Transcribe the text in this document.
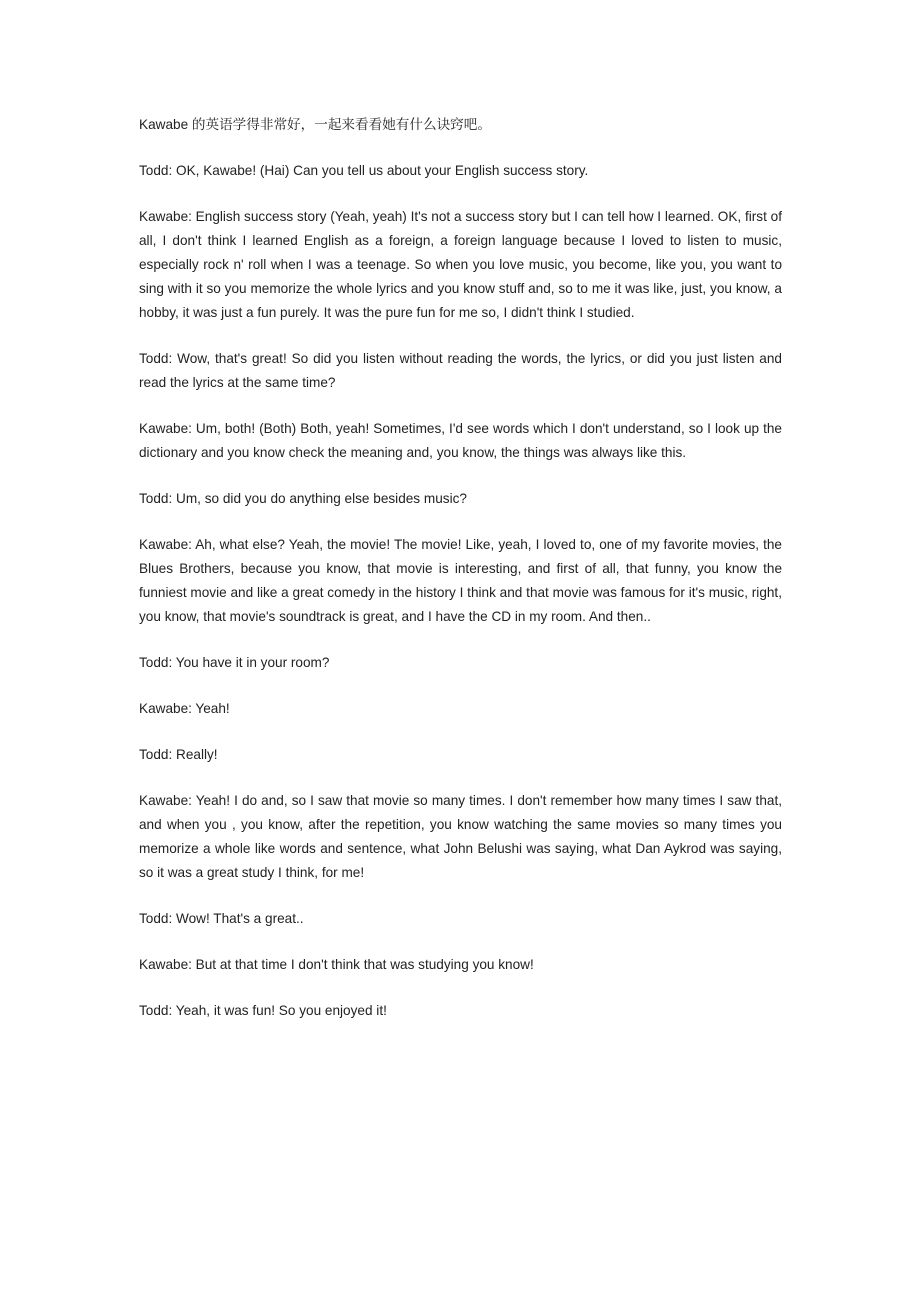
Kawabe 的英语学得非常好，一起来看看她有什么诀窍吧。

Todd: OK, Kawabe! (Hai) Can you tell us about your English success story.

Kawabe: English success story (Yeah, yeah) It's not a success story but I can tell how I learned. OK, first of all, I don't think I learned English as a foreign, a foreign language because I loved to listen to music, especially rock n' roll when I was a teenage. So when you love music, you become, like you, you want to sing with it so you memorize the whole lyrics and you know stuff and, so to me it was like, just, you know, a hobby, it was just a fun purely. It was the pure fun for me so, I didn't think I studied.

Todd: Wow, that's great! So did you listen without reading the words, the lyrics, or did you just listen and read the lyrics at the same time?

Kawabe: Um, both! (Both) Both, yeah! Sometimes, I'd see words which I don't understand, so I look up the dictionary and you know check the meaning and, you know, the things was always like this.

Todd: Um, so did you do anything else besides music?

Kawabe: Ah, what else? Yeah, the movie! The movie! Like, yeah, I loved to, one of my favorite movies, the Blues Brothers, because you know, that movie is interesting, and first of all, that funny, you know the funniest movie and like a great comedy in the history I think and that movie was famous for it's music, right, you know, that movie's soundtrack is great, and I have the CD in my room. And then..

Todd: You have it in your room?

Kawabe: Yeah!

Todd: Really!

Kawabe: Yeah! I do and, so I saw that movie so many times. I don't remember how many times I saw that, and when you , you know, after the repetition, you know watching the same movies so many times you memorize a whole like words and sentence, what John Belushi was saying, what Dan Aykrod was saying, so it was a great study I think, for me!

Todd: Wow! That's a great..

Kawabe: But at that time I don't think that was studying you know!

Todd: Yeah, it was fun! So you enjoyed it!
